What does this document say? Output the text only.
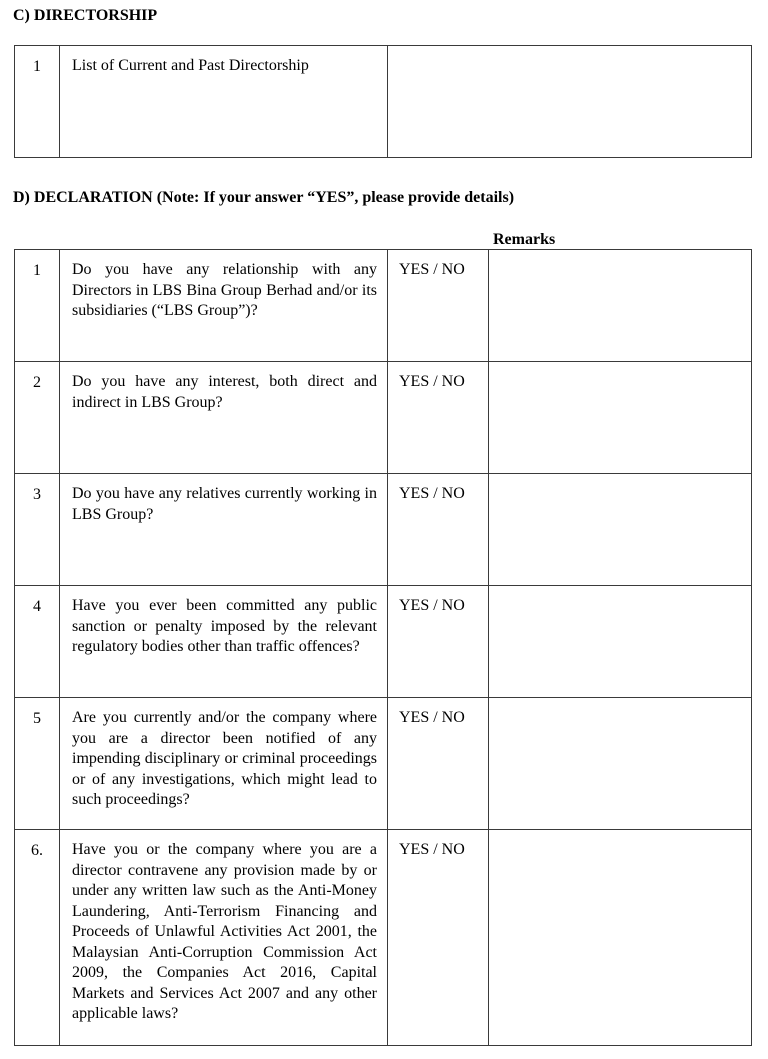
C) DIRECTORSHIP
1	List of Current and Past Directorship	
D) DECLARATION (Note: If your answer “YES”, please provide details)
Remarks
1	Do you have any relationship with any Directors in LBS Bina Group Berhad and/or its subsidiaries (“LBS Group”)?	YES / NO	
2	Do you have any interest, both direct and indirect in LBS Group?	YES / NO	
3	Do you have any relatives currently working in LBS Group?	YES / NO	
4	Have you ever been committed any public sanction or penalty imposed by the relevant regulatory bodies other than traffic offences?	YES / NO	
5	Are you currently and/or the company where you are a director been notified of any impending disciplinary or criminal proceedings or of any investigations, which might lead to such proceedings?	YES / NO	
6.	Have you or the company where you are a director contravene any provision made by or under any written law such as the Anti-Money Laundering, Anti-Terrorism Financing and Proceeds of Unlawful Activities Act 2001, the Malaysian Anti-Corruption Commission Act 2009, the Companies Act 2016, Capital Markets and Services Act 2007 and any other applicable laws?	YES / NO	
